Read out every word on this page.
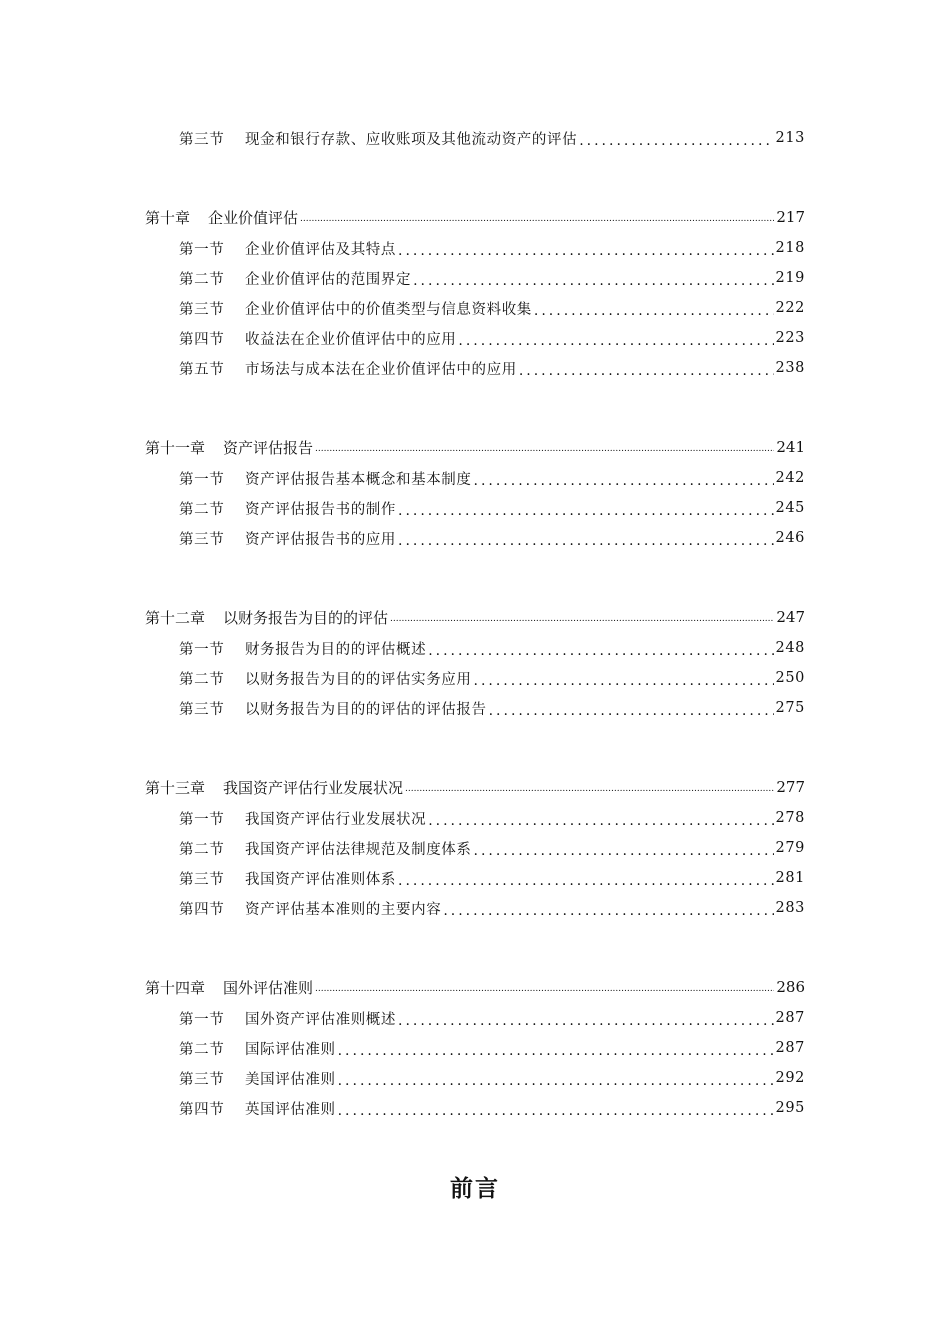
第三节	现金和银行存款、应收账项及其他流动资产的评估 .....	213
第十章	企业价值评估 .....	217
第一节	企业价值评估及其特点 .....	218
第二节	企业价值评估的范围界定 .....	219
第三节	企业价值评估中的价值类型与信息资料收集 .....	222
第四节	收益法在企业价值评估中的应用 .....	223
第五节	市场法与成本法在企业价值评估中的应用 .....	238
第十一章	资产评估报告 .....	241
第一节	资产评估报告基本概念和基本制度 .....	242
第二节	资产评估报告书的制作 .....	245
第三节	资产评估报告书的应用 .....	246
第十二章	以财务报告为目的的评估 .....	247
第一节	财务报告为目的的评估概述 .....	248
第二节	以财务报告为目的的评估实务应用 .....	250
第三节	以财务报告为目的的评估的评估报告 .....	275
第十三章	我国资产评估行业发展状况 .....	277
第一节	我国资产评估行业发展状况 .....	278
第二节	我国资产评估法律规范及制度体系 .....	279
第三节	我国资产评估准则体系 .....	281
第四节	资产评估基本准则的主要内容 .....	283
第十四章	国外评估准则 .....	286
第一节	国外资产评估准则概述 .....	287
第二节	国际评估准则 .....	287
第三节	美国评估准则 .....	292
第四节	英国评估准则 .....	295
前言
